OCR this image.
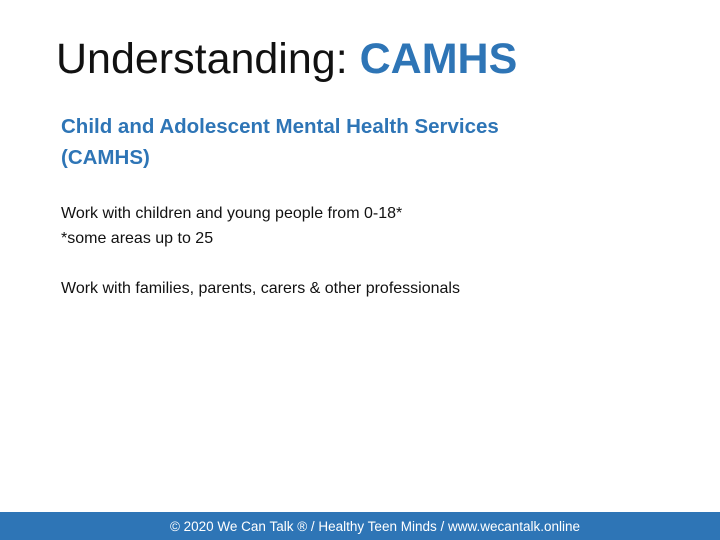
Understanding: CAMHS

Child and Adolescent Mental Health Services
(CAMHS)

Work with children and young people from 0-18*
*some areas up to 25

Work with families, parents, carers & other professionals

© 2020 We Can Talk ® / Healthy Teen Minds / www.wecantalk.online
